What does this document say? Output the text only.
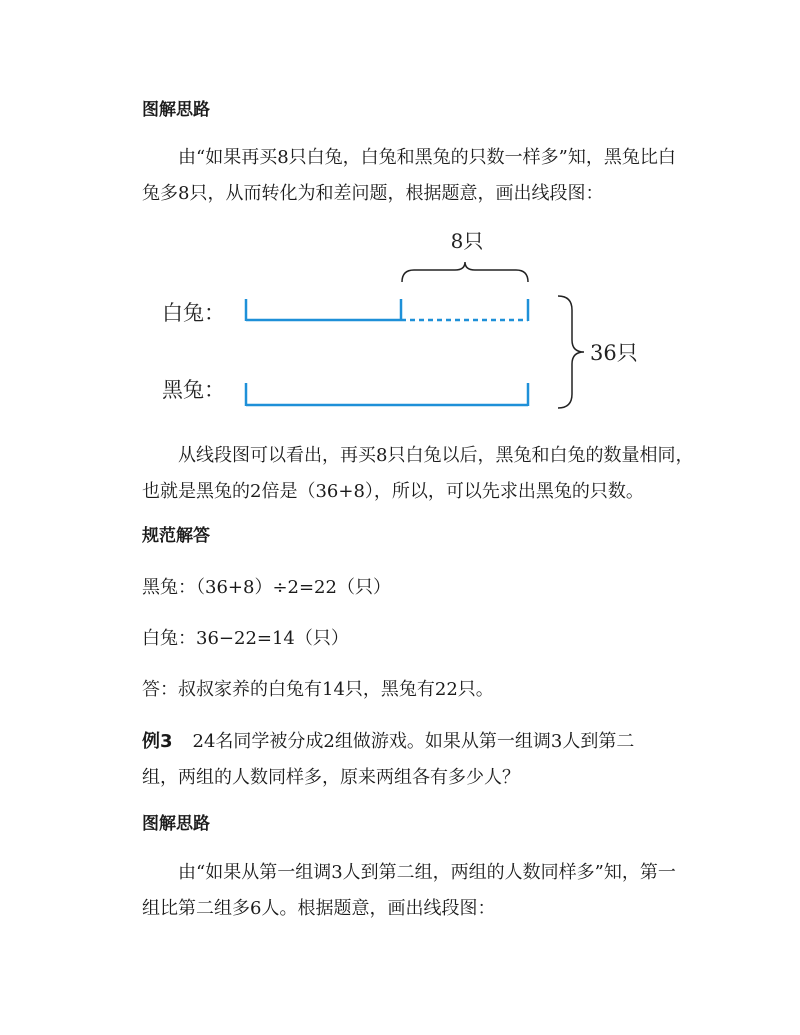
图解思路
由“如果再买8只白兔，白兔和黑兔的只数一样多”知，黑兔比白
兔多8只，从而转化为和差问题，根据题意，画出线段图：
8只
白兔：
黑兔：
36只
从线段图可以看出，再买8只白兔以后，黑兔和白兔的数量相同，
也就是黑兔的2倍是（36+8），所以，可以先求出黑兔的只数。
规范解答
黑兔：（36+8）÷2=22（只）
白兔：36−22=14（只）
答：叔叔家养的白兔有14只，黑兔有22只。
例3 24名同学被分成2组做游戏。如果从第一组调3人到第二
组，两组的人数同样多，原来两组各有多少人？
图解思路
由“如果从第一组调3人到第二组，两组的人数同样多”知，第一
组比第二组多6人。根据题意，画出线段图：
